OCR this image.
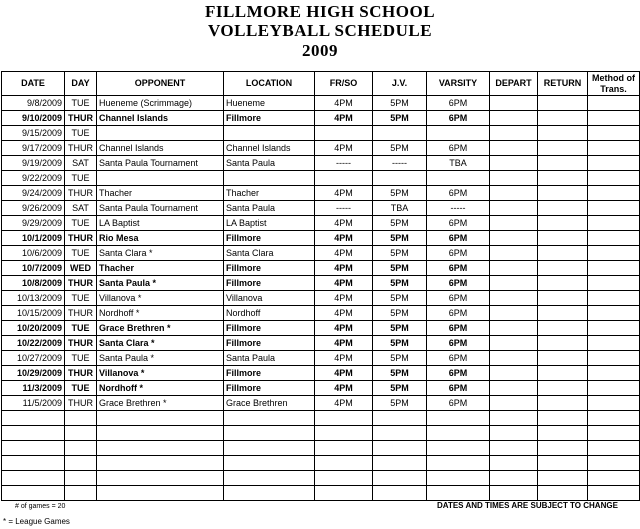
FILLMORE HIGH SCHOOL
VOLLEYBALL SCHEDULE
2009
DATE	DAY	OPPONENT	LOCATION	FR/SO	J.V.	VARSITY	DEPART	RETURN	Method of Trans.
9/8/2009	TUE	Hueneme (Scrimmage)	Hueneme	4PM	5PM	6PM			
9/10/2009	THUR	Channel Islands	Fillmore	4PM	5PM	6PM			
9/15/2009	TUE								
9/17/2009	THUR	Channel Islands	Channel Islands	4PM	5PM	6PM			
9/19/2009	SAT	Santa Paula Tournament	Santa Paula	-----	-----	TBA			
9/22/2009	TUE								
9/24/2009	THUR	Thacher	Thacher	4PM	5PM	6PM			
9/26/2009	SAT	Santa Paula Tournament	Santa Paula	-----	TBA	-----			
9/29/2009	TUE	LA Baptist	LA Baptist	4PM	5PM	6PM			
10/1/2009	THUR	Rio Mesa	Fillmore	4PM	5PM	6PM			
10/6/2009	TUE	Santa Clara *	Santa Clara	4PM	5PM	6PM			
10/7/2009	WED	Thacher	Fillmore	4PM	5PM	6PM			
10/8/2009	THUR	Santa Paula *	Fillmore	4PM	5PM	6PM			
10/13/2009	TUE	Villanova *	Villanova	4PM	5PM	6PM			
10/15/2009	THUR	Nordhoff *	Nordhoff	4PM	5PM	6PM			
10/20/2009	TUE	Grace Brethren *	Fillmore	4PM	5PM	6PM			
10/22/2009	THUR	Santa Clara *	Fillmore	4PM	5PM	6PM			
10/27/2009	TUE	Santa Paula *	Santa Paula	4PM	5PM	6PM			
10/29/2009	THUR	Villanova *	Fillmore	4PM	5PM	6PM			
11/3/2009	TUE	Nordhoff *	Fillmore	4PM	5PM	6PM			
11/5/2009	THUR	Grace Brethren *	Grace Brethren	4PM	5PM	6PM			

# of games = 20	DATES AND TIMES ARE SUBJECT TO CHANGE
* = League Games
